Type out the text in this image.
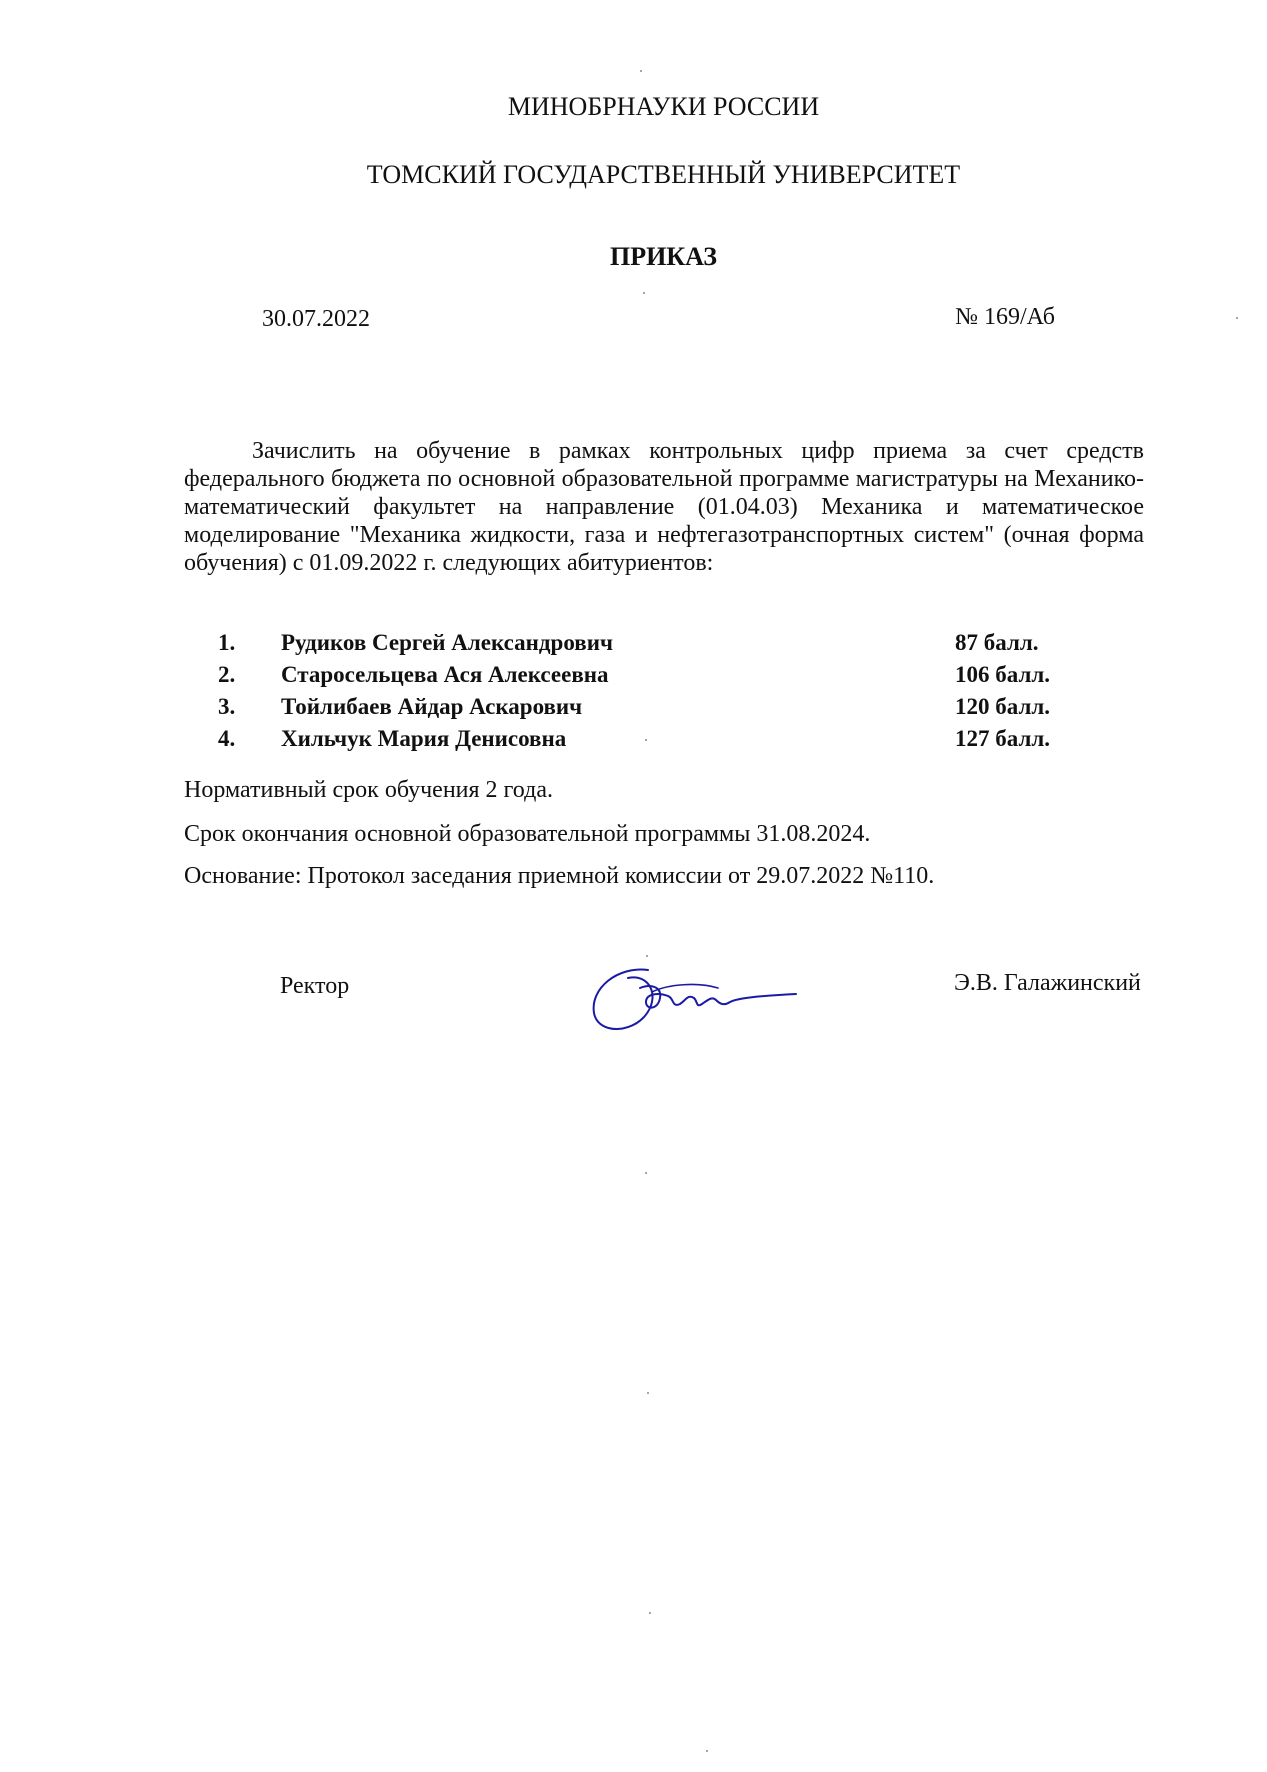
МИНОБРНАУКИ РОССИИ
ТОМСКИЙ ГОСУДАРСТВЕННЫЙ УНИВЕРСИТЕТ
ПРИКАЗ
30.07.2022	№ 169/Аб
Зачислить на обучение в рамках контрольных цифр приема за счет средств федерального бюджета по основной образовательной программе магистратуры на Механико-математический факультет на направление (01.04.03) Механика и математическое моделирование "Механика жидкости, газа и нефтегазотранспортных систем" (очная форма обучения) с 01.09.2022 г. следующих абитуриентов:
1. Рудиков Сергей Александрович	87 балл.
2. Старосельцева Ася Алексеевна	106 балл.
3. Тойлибаев Айдар Аскарович	120 балл.
4. Хильчук Мария Денисовна	127 балл.
Нормативный срок обучения 2 года.
Срок окончания основной образовательной программы 31.08.2024.
Основание: Протокол заседания приемной комиссии от 29.07.2022 №110.
Ректор	Э.В. Галажинский
